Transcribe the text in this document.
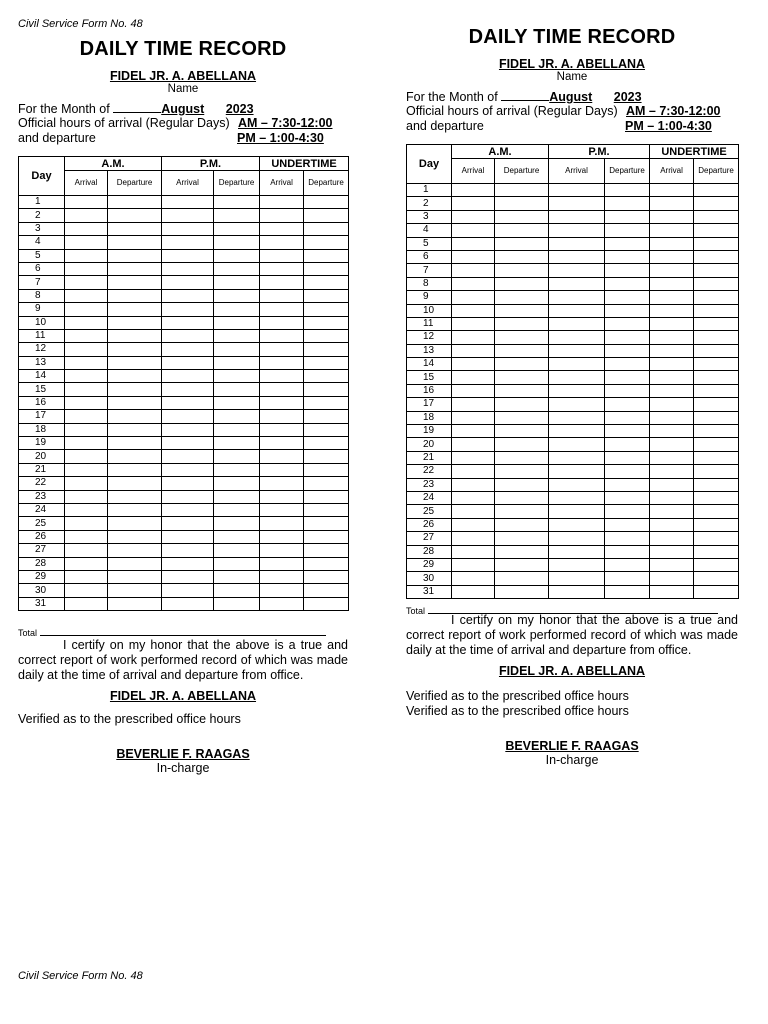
Civil Service Form No. 48
Civil Service Form No. 48
DAILY TIME RECORD
FIDEL JR. A. ABELLANA
Name
For the Month of	August 2023
Official hours of arrival (Regular Days) AM – 7:30-12:00
and departure	PM – 1:00-4:30
Day	A.M.		P.M.		UNDERTIME	
	Arrival	Departure	Arrival	Departure	Arrival	Departure
1						
2						
3						
4						
5						
6						
7						
8						
9						
10						
11						
12						
13						
14						
15						
16						
17						
18						
19						
20						
21						
22						
23						
24						
25						
26						
27						
28						
29						
30						
31						
Total
I certify on my honor that the above is a true and correct report of work performed record of which was made daily at the time of arrival and departure from office.
FIDEL JR. A. ABELLANA
Verified as to the prescribed office hours
BEVERLIE F. RAAGAS
In-charge
DAILY TIME RECORD
FIDEL JR. A. ABELLANA
Name
For the Month of	August 2023
Official hours of arrival (Regular Days) AM – 7:30-12:00
and departure	PM – 1:00-4:30
Day	A.M.		P.M.		UNDERTIME	
	Arrival	Departure	Arrival	Departure	Arrival	Departure
1						
2						
3						
4						
5						
6						
7						
8						
9						
10						
11						
12						
13						
14						
15						
16						
17						
18						
19						
20						
21						
22						
23						
24						
25						
26						
27						
28						
29						
30						
31						
Total
I certify on my honor that the above is a true and correct report of work performed record of which was made daily at the time of arrival and departure from office.
FIDEL JR. A. ABELLANA
Verified as to the prescribed office hours
Verified as to the prescribed office hours
BEVERLIE F. RAAGAS
In-charge
